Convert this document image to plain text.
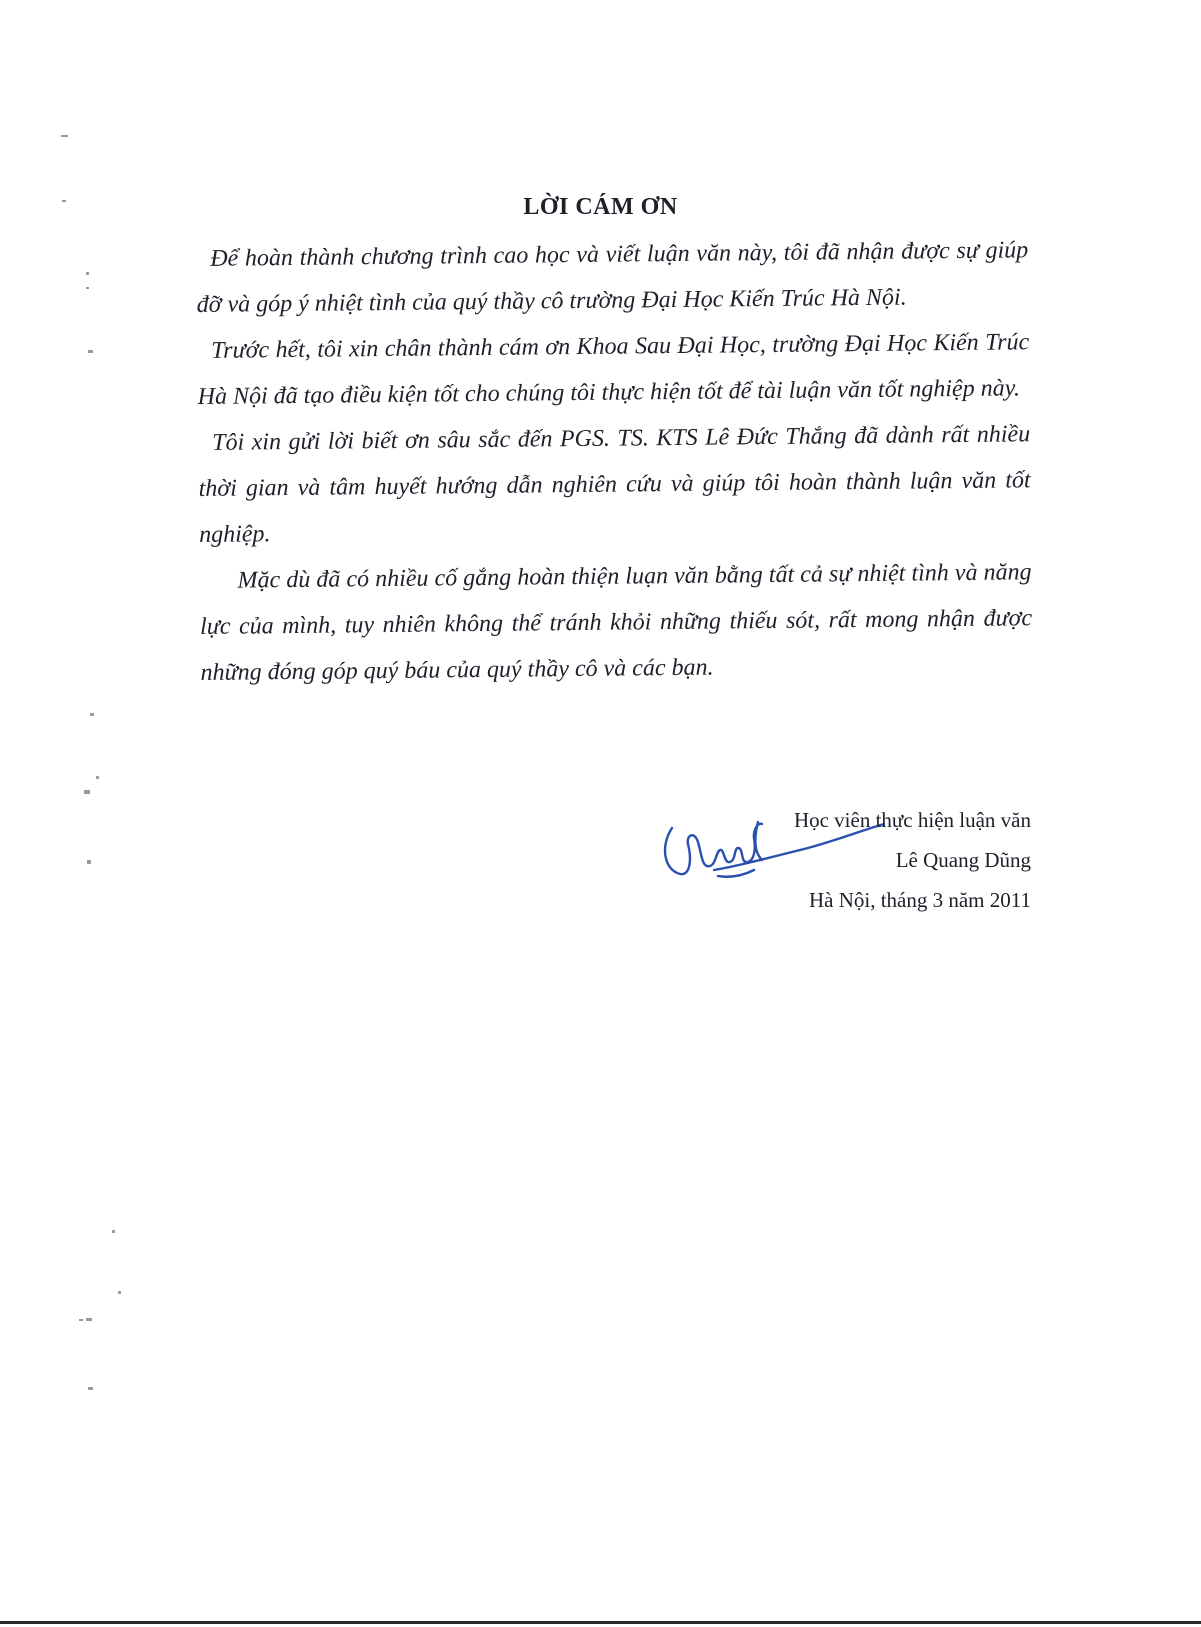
LỜI CÁM ƠN

Để hoàn thành chương trình cao học và viết luận văn này, tôi đã nhận được sự giúp đỡ và góp ý nhiệt tình của quý thầy cô trường Đại Học Kiến Trúc Hà Nội.

Trước hết, tôi xin chân thành cám ơn Khoa Sau Đại Học, trường Đại Học Kiến Trúc Hà Nội đã tạo điều kiện tốt cho chúng tôi thực hiện tốt để tài luận văn tốt nghiệp này.

Tôi xin gửi lời biết ơn sâu sắc đến PGS. TS. KTS Lê Đức Thắng đã dành rất nhiều thời gian và tâm huyết hướng dẫn nghiên cứu và giúp tôi hoàn thành luận văn tốt nghiệp.

Mặc dù đã có nhiều cố gắng hoàn thiện luạn văn bằng tất cả sự nhiệt tình và năng lực của mình, tuy nhiên không thể tránh khỏi những thiếu sót, rất mong nhận được những đóng góp quý báu của quý thầy cô và các bạn.

Học viên thực hiện luận văn
Lê Quang Dũng
Hà Nội, tháng 3 năm 2011
